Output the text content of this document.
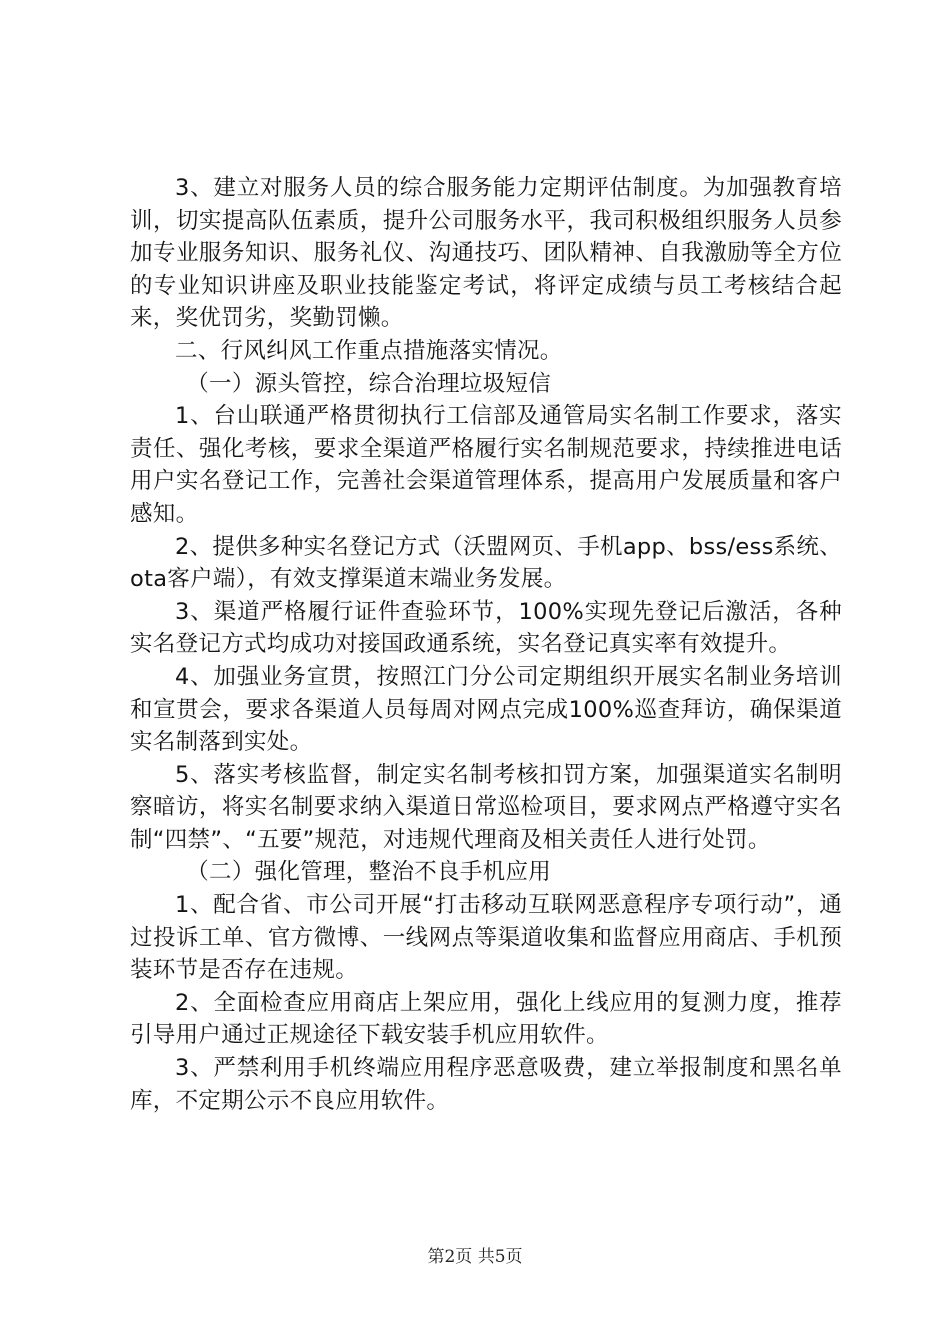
3、建立对服务人员的综合服务能力定期评估制度。为加强教育培训，切实提高队伍素质，提升公司服务水平，我司积极组织服务人员参加专业服务知识、服务礼仪、沟通技巧、团队精神、自我激励等全方位的专业知识讲座及职业技能鉴定考试，将评定成绩与员工考核结合起来，奖优罚劣，奖勤罚懒。

二、行风纠风工作重点措施落实情况。

（一）源头管控，综合治理垃圾短信

1、台山联通严格贯彻执行工信部及通管局实名制工作要求，落实责任、强化考核，要求全渠道严格履行实名制规范要求，持续推进电话用户实名登记工作，完善社会渠道管理体系，提高用户发展质量和客户感知。

2、提供多种实名登记方式（沃盟网页、手机app、bss/ess系统、ota客户端），有效支撑渠道末端业务发展。

3、渠道严格履行证件查验环节，100%实现先登记后激活，各种实名登记方式均成功对接国政通系统，实名登记真实率有效提升。

4、加强业务宣贯，按照江门分公司定期组织开展实名制业务培训和宣贯会，要求各渠道人员每周对网点完成100%巡查拜访，确保渠道实名制落到实处。

5、落实考核监督，制定实名制考核扣罚方案，加强渠道实名制明察暗访，将实名制要求纳入渠道日常巡检项目，要求网点严格遵守实名制“四禁”、“五要”规范，对违规代理商及相关责任人进行处罚。

（二）强化管理，整治不良手机应用

1、配合省、市公司开展“打击移动互联网恶意程序专项行动”，通过投诉工单、官方微博、一线网点等渠道收集和监督应用商店、手机预装环节是否存在违规。

2、全面检查应用商店上架应用，强化上线应用的复测力度，推荐引导用户通过正规途径下载安装手机应用软件。

3、严禁利用手机终端应用程序恶意吸费，建立举报制度和黑名单库，不定期公示不良应用软件。

第2页 共5页
